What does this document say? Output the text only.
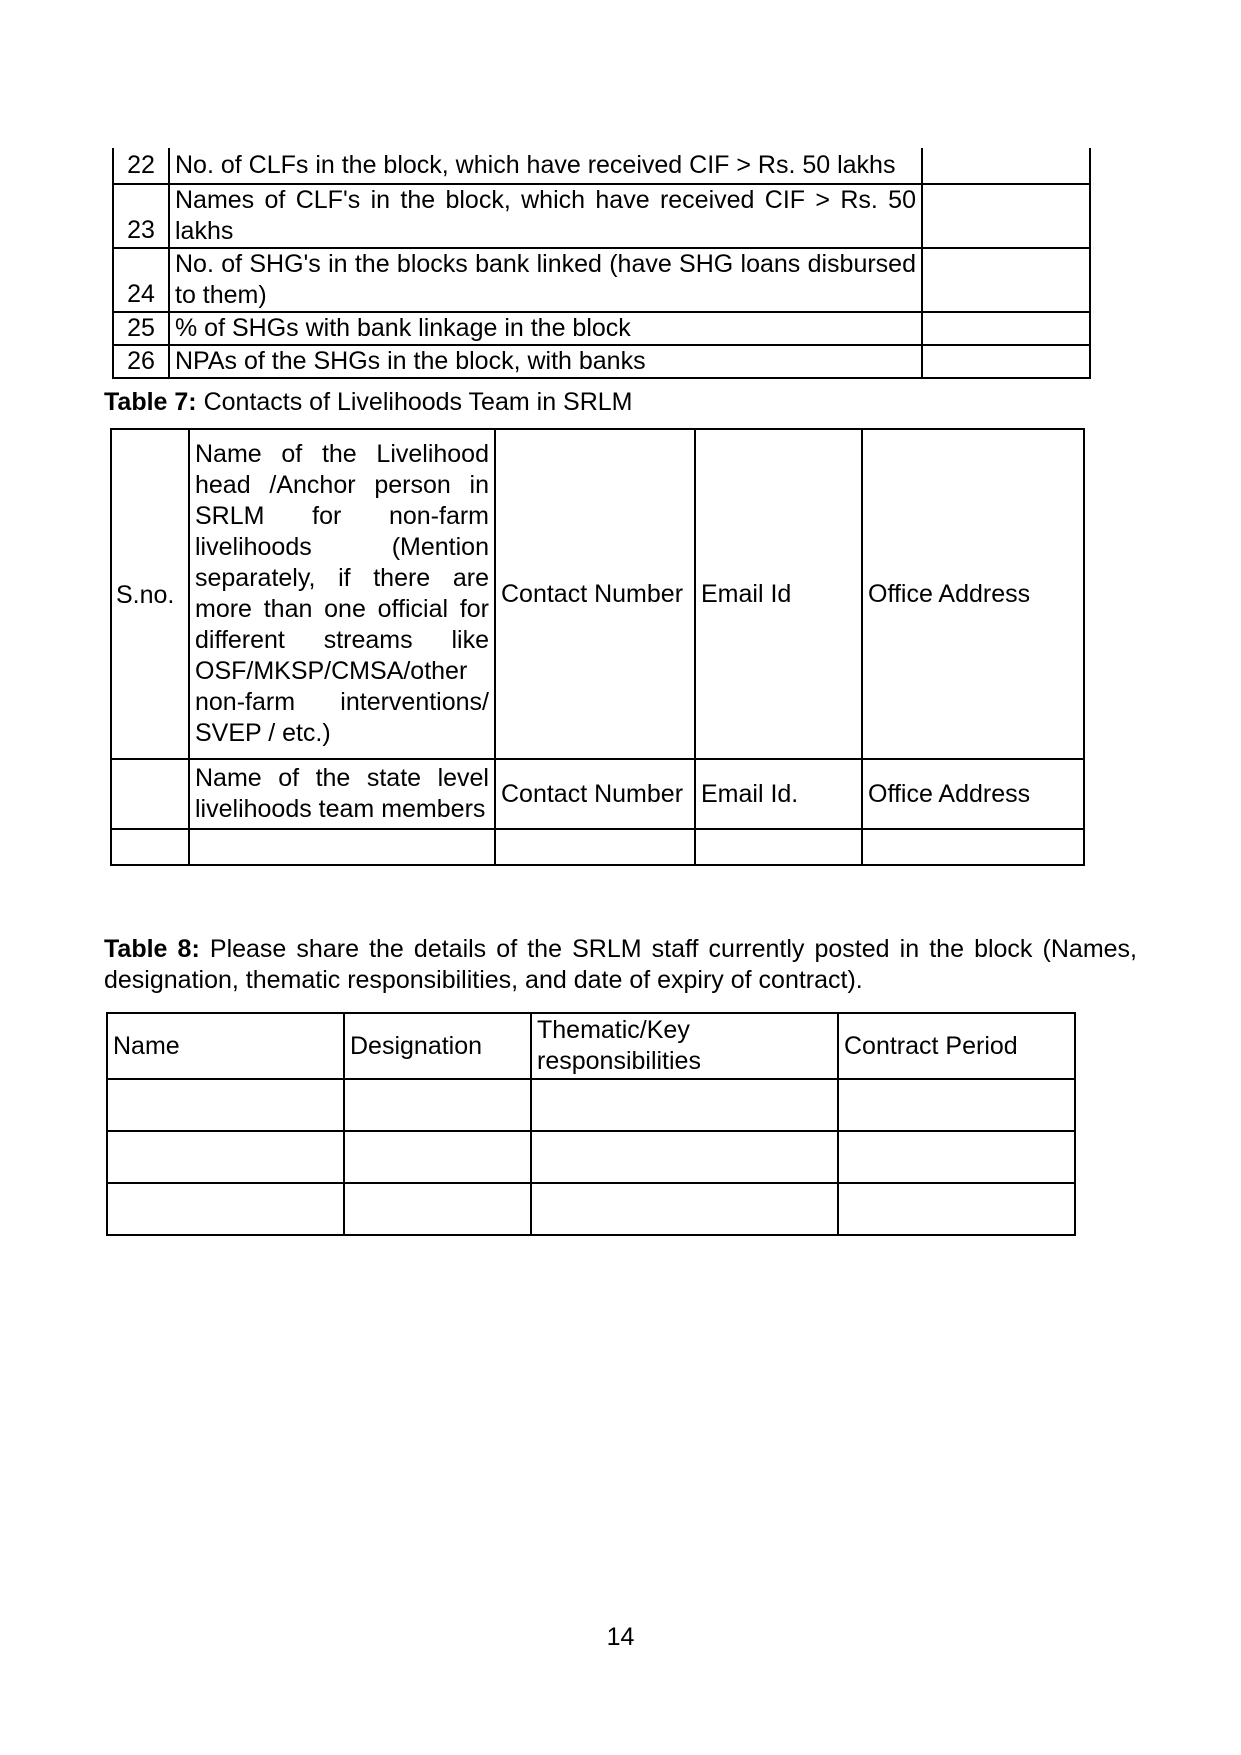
22	No. of CLFs in the block, which have received CIF > Rs. 50 lakhs	
23	Names of CLF's in the block, which have received CIF > Rs. 50 lakhs	
24	No. of SHG's in the blocks bank linked (have SHG loans disbursed to them)	
25	% of SHGs with bank linkage in the block	
26	NPAs of the SHGs in the block, with banks	

Table 7: Contacts of Livelihoods Team in SRLM

S.no.	Name of the Livelihood head /Anchor person in SRLM for non-farm livelihoods (Mention separately, if there are more than one official for different streams like OSF/MKSP/CMSA/other non-farm interventions/ SVEP / etc.)	Contact Number	Email Id	Office Address
	Name of the state level livelihoods team members	Contact Number	Email Id.	Office Address

Table 8: Please share the details of the SRLM staff currently posted in the block (Names, designation, thematic responsibilities, and date of expiry of contract).

Name	Designation	Thematic/Key responsibilities	Contract Period

14
